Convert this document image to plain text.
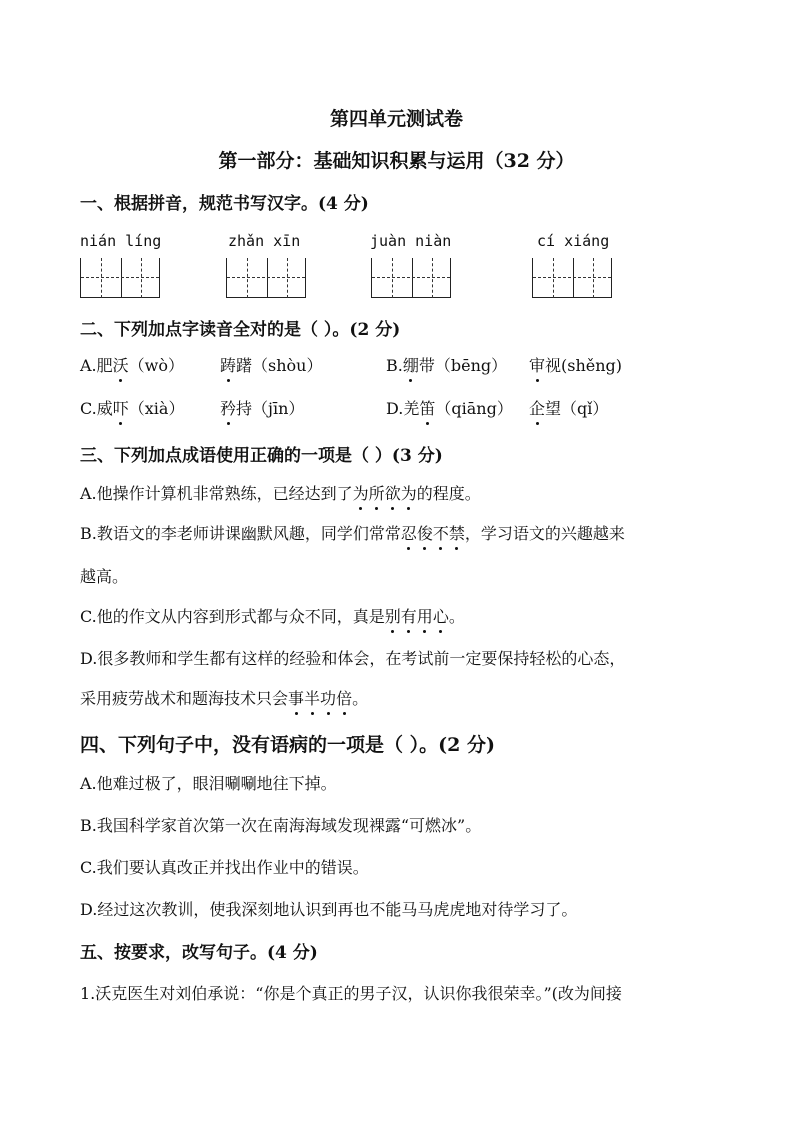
第四单元测试卷
第一部分：基础知识积累与运用（32 分）
一、根据拼音，规范书写汉字。(4 分)
nián líng	zhǎn xīn	juàn niàn	cí xiáng
二、下列加点字读音全对的是（ ）。(2 分)
A.肥沃（wò） 踌躇（shòu）	B.绷带（bēng） 审视(shěng)
C.威吓（xià） 矜持（jīn）	D.羌笛（qiāng） 企望（qǐ）
三、下列加点成语使用正确的一项是（ ）(3 分)
A.他操作计算机非常熟练，已经达到了为所欲为的程度。
B.教语文的李老师讲课幽默风趣，同学们常常忍俊不禁，学习语文的兴趣越来
越高。
C.他的作文从内容到形式都与众不同，真是别有用心。
D.很多教师和学生都有这样的经验和体会，在考试前一定要保持轻松的心态，
采用疲劳战术和题海技术只会事半功倍。
四、下列句子中，没有语病的一项是（ ）。(2 分)
A.他难过极了，眼泪唰唰地往下掉。
B.我国科学家首次第一次在南海海域发现裸露“可燃冰”。
C.我们要认真改正并找出作业中的错误。
D.经过这次教训，使我深刻地认识到再也不能马马虎虎地对待学习了。
五、按要求，改写句子。(4 分)
1.沃克医生对刘伯承说：“你是个真正的男子汉，认识你我很荣幸。”(改为间接
